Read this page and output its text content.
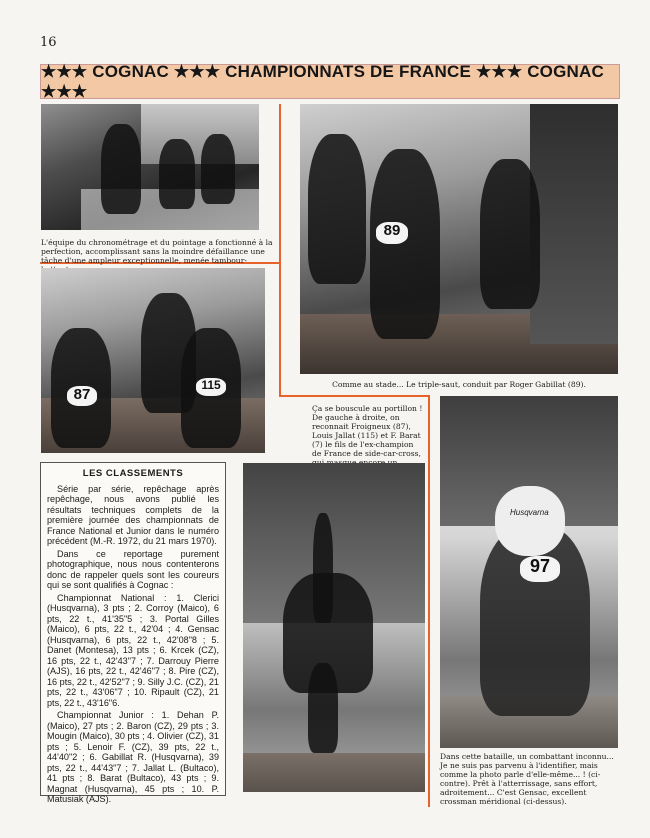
16
★★★ COGNAC ★★★ CHAMPIONNATS DE FRANCE ★★★ COGNAC ★★★
L'équipe du chronométrage et du pointage a fonctionné à la perfection, accomplissant sans la moindre défaillance une tâche d'une ampleur exceptionnelle, menée tambour-
89
Comme au stade... Le triple-saut, conduit par Roger Gabillat (89).
87
115
Ça se bouscule au portillon ! De gauche à droite, on reconnait Froigneux (87), Louis Jallat (115) et F. Barat (7) le fils de l'ex-champion de France de side-car-cross,
Husqvarna
97
Dans cette bataille, un combattant inconnu... Je ne suis pas parvenu à l'identifier, mais comme la photo parle d'elle-même... ! (ci-contre). Prêt à l'atterrissage, sans effort, adroitement... C'est Gensac, excellent crossman méridional (ci-dessus).
LES CLASSEMENTS

Série par série, repêchage après repêchage, nous avons publié les résultats techniques complets de la première journée des championnats de France National et Junior dans le numéro précédent (M.-R. 1972, du 21 mars 1970).

Dans ce reportage purement photographique, nous nous contenterons donc de rappeler quels sont les coureurs qui se sont qualifiés à Cognac :

Championnat National : 1. Clerici (Husqvarna), 3 pts ; 2. Corroy (Maico), 6 pts, 22 t., 41'35"5 ; 3. Portal Gilles (Maico), 6 pts, 22 t., 42'04 ; 4. Gensac (Husqvarna), 6 pts, 22 t., 42'08"8 ; 5. Danet (Montesa), 13 pts ; 6. Krcek (CZ), 16 pts, 22 t., 42'43"7 ; 7. Darrouy Pierre (AJS), 16 pts, 22 t., 42'46"7 ; 8. Pire (CZ), 16 pts, 22 t., 42'52"7 ; 9. Silly J.C. (CZ), 21 pts, 22 t., 43'06"7 ; 10. Ripault (CZ), 21 pts, 22 t., 43'16"6.

Championnat Junior : 1. Dehan P. (Maico), 27 pts ; 2. Baron (CZ), 29 pts ; 3. Mougin (Maico), 30 pts ; 4. Olivier (CZ), 31 pts ; 5. Lenoir F. (CZ), 39 pts, 22 t., 44'40"2 ; 6. Gabillat R. (Husqvarna), 39 pts, 22 t., 44'43"7 ; 7. Jallat L. (Bultaco), 41 pts ; 8. Barat (Bultaco), 43 pts ; 9. Magnat (Husqvarna), 45 pts ; 10. P. Matusiak (AJS).
